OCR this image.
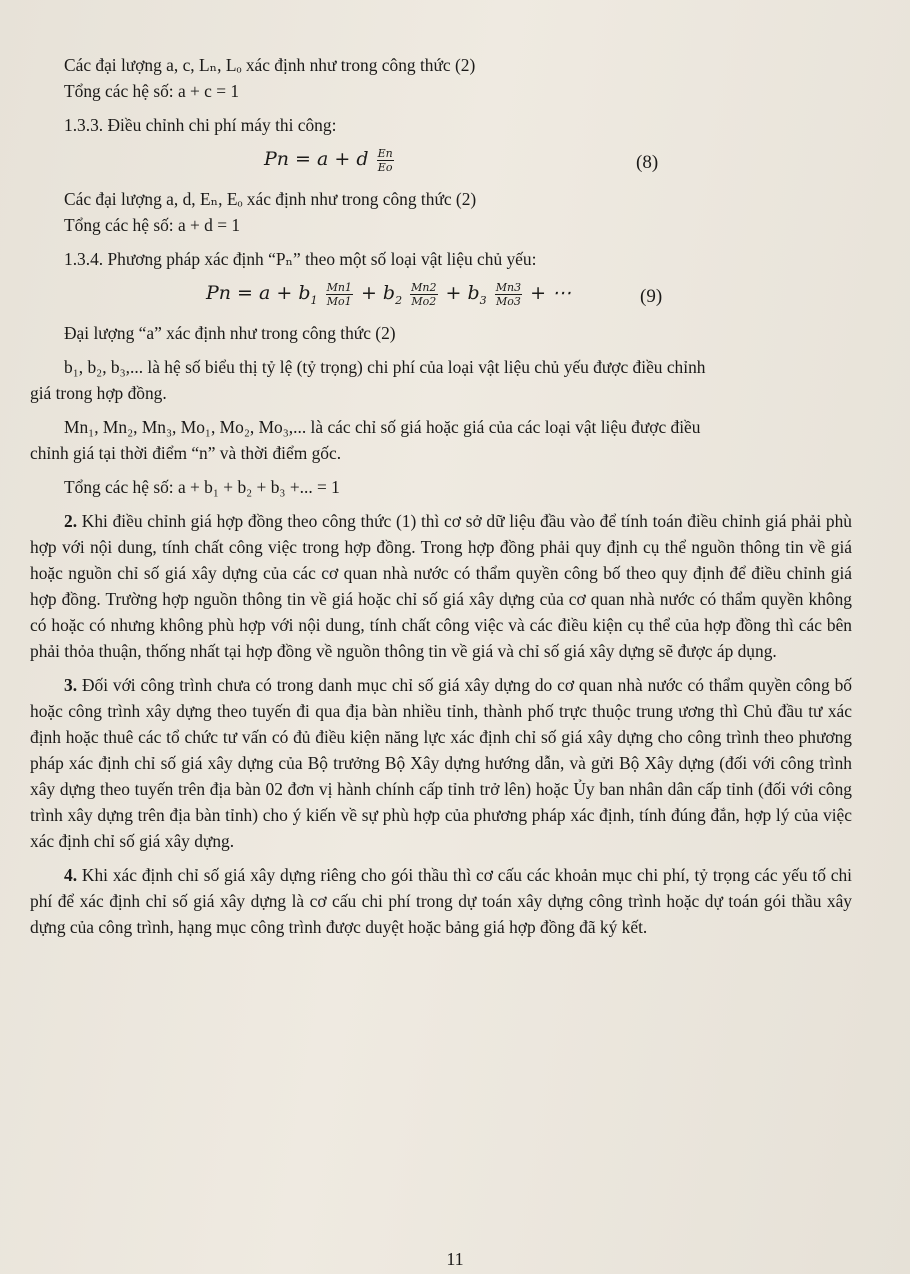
Các đại lượng a, c, Lₙ, Lₒ xác định như trong công thức (2)
Tổng các hệ số: a + c = 1
1.3.3. Điều chỉnh chi phí máy thi công:
Pn = a + d $\frac{En}{Eo}$	(8)
Các đại lượng a, d, Eₙ, Eₒ xác định như trong công thức (2)
Tổng các hệ số: a + d = 1
1.3.4. Phương pháp xác định “Pₙ” theo một số loại vật liệu chủ yếu:
$Pn = a + b_1 \frac{Mn1}{Mo1} + b_2 \frac{Mn2}{Mo2} + b_3 \frac{Mn3}{Mo3}$ + ⋯	(9)
Đại lượng “a” xác định như trong công thức (2)
b₁, b₂, b₃,... là hệ số biểu thị tỷ lệ (tỷ trọng) chi phí của loại vật liệu chủ yếu được điều chỉnh
giá trong hợp đồng.
Mn₁, Mn₂, Mn₃, Mo₁, Mo₂, Mo₃,... là các chỉ số giá hoặc giá của các loại vật liệu được điều
chỉnh giá tại thời điểm “n” và thời điểm gốc.
Tổng các hệ số: a + b₁ + b₂ + b₃ +... = 1

2. Khi điều chỉnh giá hợp đồng theo công thức (1) thì cơ sở dữ liệu đầu vào để tính toán điều chỉnh giá phải phù hợp với nội dung, tính chất công việc trong hợp đồng. Trong hợp đồng phải quy định cụ thể nguồn thông tin về giá hoặc nguồn chỉ số giá xây dựng của các cơ quan nhà nước có thẩm quyền công bố theo quy định để điều chỉnh giá hợp đồng. Trường hợp nguồn thông tin về giá hoặc chỉ số giá xây dựng của cơ quan nhà nước có thẩm quyền không có hoặc có nhưng không phù hợp với nội dung, tính chất công việc và các điều kiện cụ thể của hợp đồng thì các bên phải thỏa thuận, thống nhất tại hợp đồng về nguồn thông tin về giá và chỉ số giá xây dựng sẽ được áp dụng.

3. Đối với công trình chưa có trong danh mục chỉ số giá xây dựng do cơ quan nhà nước có thẩm quyền công bố hoặc công trình xây dựng theo tuyến đi qua địa bàn nhiều tỉnh, thành phố trực thuộc trung ương thì Chủ đầu tư xác định hoặc thuê các tổ chức tư vấn có đủ điều kiện năng lực xác định chỉ số giá xây dựng cho công trình theo phương pháp xác định chỉ số giá xây dựng của Bộ trưởng Bộ Xây dựng hướng dẫn, và gửi Bộ Xây dựng (đối với công trình xây dựng theo tuyến trên địa bàn 02 đơn vị hành chính cấp tỉnh trở lên) hoặc Ủy ban nhân dân cấp tỉnh (đối với công trình xây dựng trên địa bàn tỉnh) cho ý kiến về sự phù hợp của phương pháp xác định, tính đúng đắn, hợp lý của việc xác định chỉ số giá xây dựng.

4. Khi xác định chỉ số giá xây dựng riêng cho gói thầu thì cơ cấu các khoản mục chi phí, tỷ trọng các yếu tố chi phí để xác định chỉ số giá xây dựng là cơ cấu chi phí trong dự toán xây dựng công trình hoặc dự toán gói thầu xây dựng của công trình, hạng mục công trình được duyệt hoặc bảng giá hợp đồng đã ký kết.

11
